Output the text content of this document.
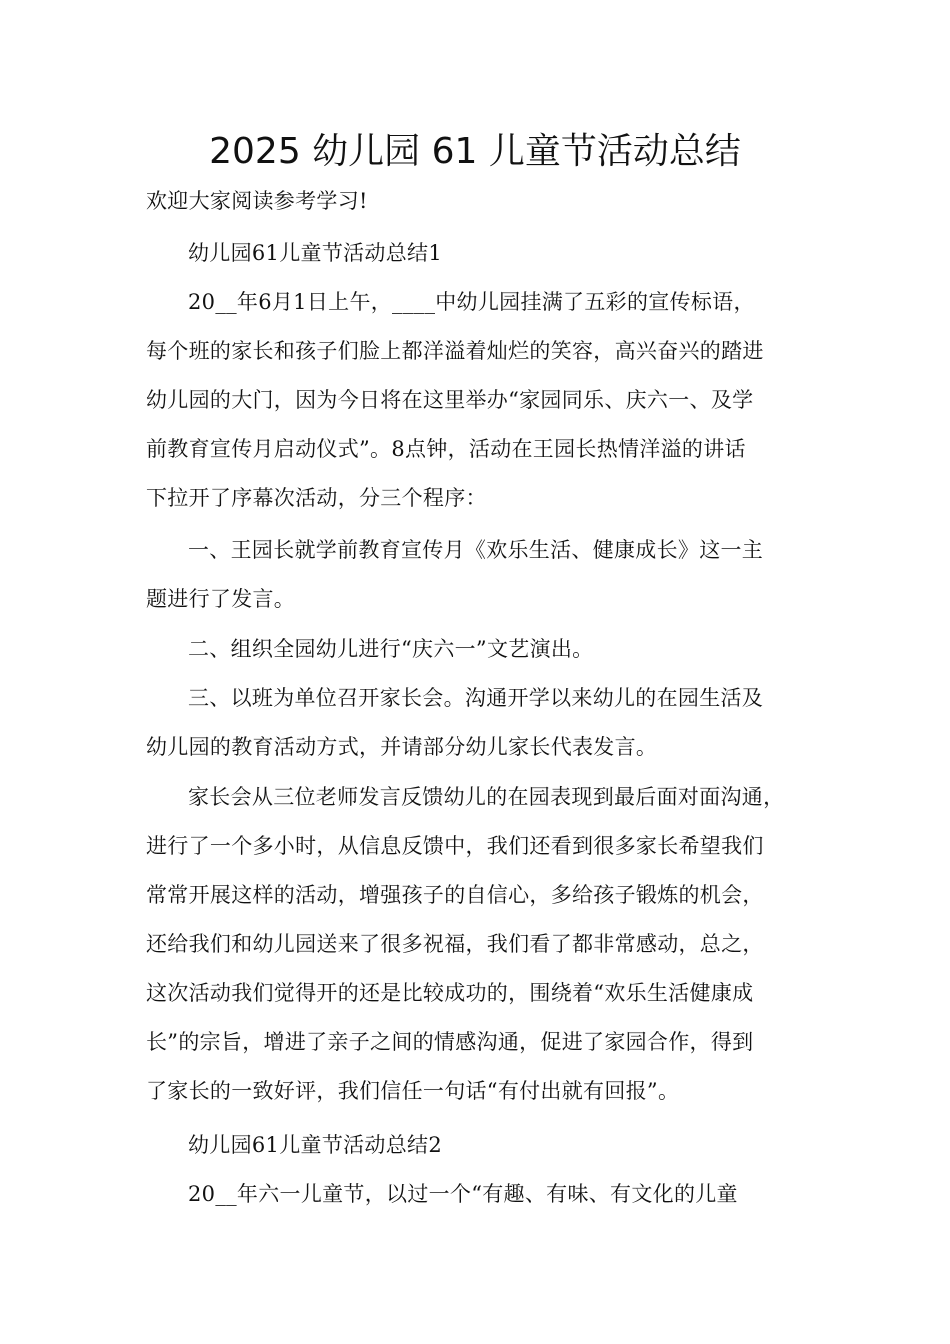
2025 幼儿园 61 儿童节活动总结
欢迎大家阅读参考学习!
幼儿园61儿童节活动总结1
20__年6月1日上午，____中幼儿园挂满了五彩的宣传标语，
每个班的家长和孩子们脸上都洋溢着灿烂的笑容，高兴奋兴的踏进
幼儿园的大门，因为今日将在这里举办“家园同乐、庆六一、及学
前教育宣传月启动仪式”。8点钟，活动在王园长热情洋溢的讲话
下拉开了序幕次活动，分三个程序：
一、王园长就学前教育宣传月《欢乐生活、健康成长》这一主
题进行了发言。
二、组织全园幼儿进行“庆六一”文艺演出。
三、以班为单位召开家长会。沟通开学以来幼儿的在园生活及
幼儿园的教育活动方式，并请部分幼儿家长代表发言。
家长会从三位老师发言反馈幼儿的在园表现到最后面对面沟通，
进行了一个多小时，从信息反馈中，我们还看到很多家长希望我们
常常开展这样的活动，增强孩子的自信心，多给孩子锻炼的机会，
还给我们和幼儿园送来了很多祝福，我们看了都非常感动，总之，
这次活动我们觉得开的还是比较成功的，围绕着“欢乐生活健康成
长”的宗旨，增进了亲子之间的情感沟通，促进了家园合作，得到
了家长的一致好评，我们信任一句话“有付出就有回报”。
幼儿园61儿童节活动总结2
20__年六一儿童节，以过一个“有趣、有味、有文化的儿童
